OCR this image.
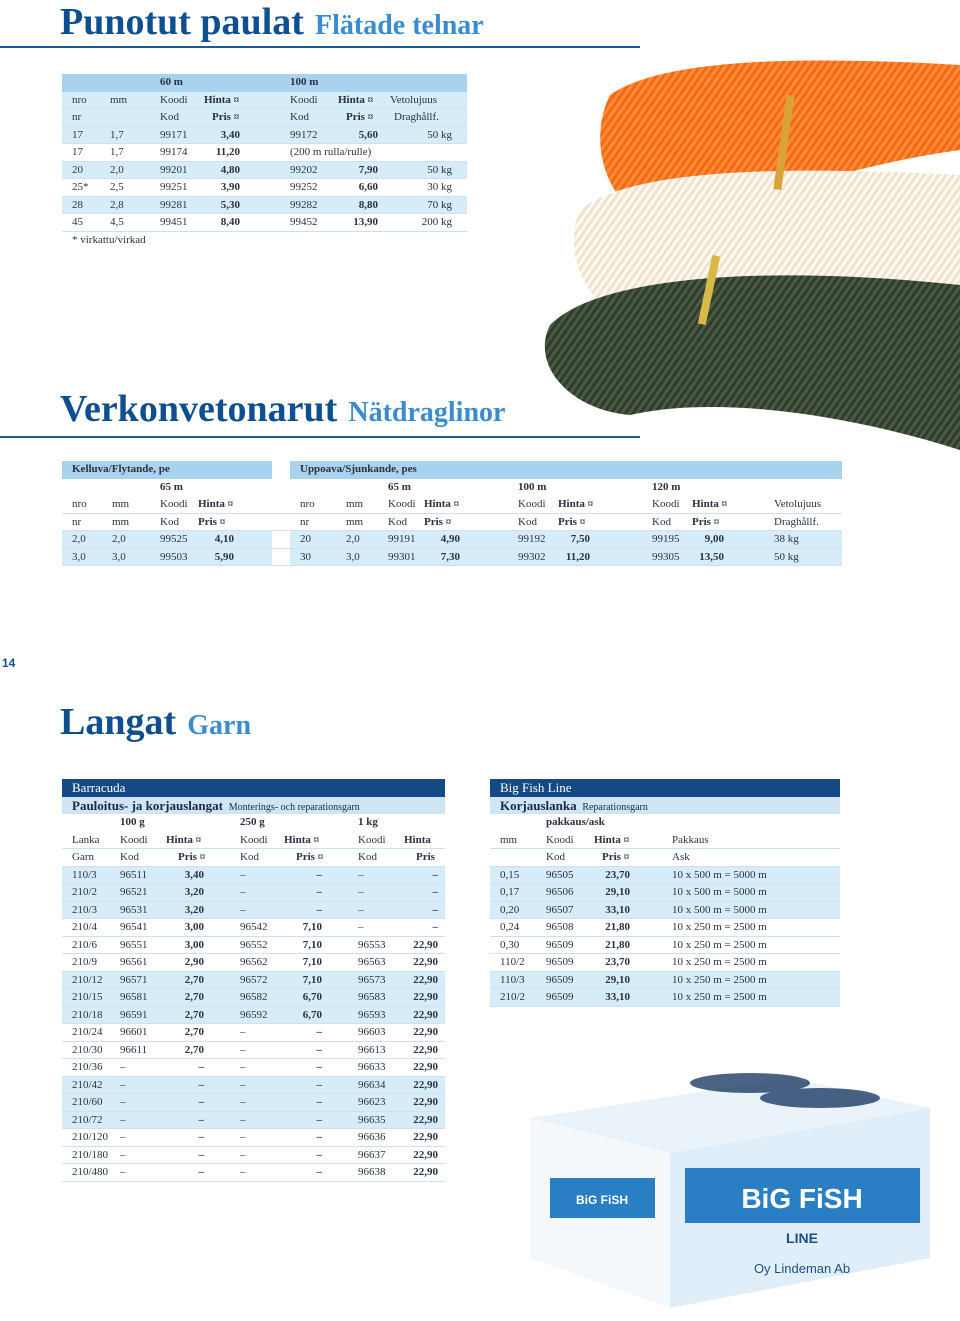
Punotut paulat Flätade telnar
60 m	100 m
nro mm	Koodi Hinta ¤	Koodi Hinta ¤ Vetolujuus
nr	Kod	Pris ¤	Kod	Pris ¤ Draghållf.
17 1,7	99171	3,40	99172	5,60	50 kg
17 1,7	99174	11,20	(200 m rulla/rulle)
20 2,0	99201	4,80	99202	7,90	50 kg
25* 2,5	99251	3,90	99252	6,60	30 kg
28 2,8	99281	5,30	99282	8,80	70 kg
45 4,5	99451	8,40	99452	13,90	200 kg
* virkattu/virkad
Verkonvetonarut Nätdraglinor
Kelluva/Flytande, pe	Uppoava/Sjunkande, pes
65 m	65 m	100 m	120 m
nro mm	Koodi Hinta ¤	nro	mm Koodi Hinta ¤	Koodi Hinta ¤	Koodi Hinta ¤	Vetolujuus
nr	mm	Kod Pris ¤	nr	mm Kod Pris ¤	Kod Pris ¤	Kod Pris ¤	Draghållf.
2,0 2,0	99525	4,10	20	2,0	99191	4,90	99192	7,50	99195	9,00	38 kg
3,0 3,0	99503	5,90	30	3,0	99301	7,30	99302	11,20	99305	13,50	50 kg
14
Langat Garn
Barracuda
Pauloitus- ja korjauslangat Monterings- och reparationsgarn
100 g	250 g	1 kg
Lanka Koodi Hinta ¤	Koodi Hinta ¤	Koodi Hinta
Garn Kod	Pris ¤	Kod	Pris ¤	Kod	Pris
110/3 96511	3,40	–	–	–	–
210/2 96521	3,20	–	–	–	–
210/3 96531	3,20	–	–	–	–
210/4 96541	3,00	96542	7,10	–	–
210/6 96551	3,00	96552	7,10	96553	22,90
210/9 96561	2,90	96562	7,10	96563	22,90
210/12 96571	2,70	96572	7,10	96573	22,90
210/15 96581	2,70	96582	6,70	96583	22,90
210/18 96591	2,70	96592	6,70	96593	22,90
210/24 96601	2,70	–	–	96603	22,90
210/30 96611	2,70	–	–	96613	22,90
210/36 –	–	–	–	96633	22,90
210/42 –	–	–	–	96634	22,90
210/60 –	–	–	–	96623	22,90
210/72 –	–	–	–	96635	22,90
210/120 –	–	–	–	96636	22,90
210/180 –	–	–	–	96637	22,90
210/480 –	–	–	–	96638	22,90
Big Fish Line
Korjauslanka Reparationsgarn
pakkaus/ask
mm	Koodi Hinta ¤	Pakkaus
Kod	Pris ¤	Ask
0,15 96505	23,70	10 x 500 m = 5000 m
0,17 96506	29,10	10 x 500 m = 5000 m
0,20 96507	33,10	10 x 500 m = 5000 m
0,24 96508	21,80	10 x 250 m = 2500 m
0,30 96509	21,80	10 x 250 m = 2500 m
110/2 96509	23,70	10 x 250 m = 2500 m
110/3 96509	29,10	10 x 250 m = 2500 m
210/2 96509	33,10	10 x 250 m = 2500 m
BiG FiSH
LINE
Oy Lindeman Ab
BiG FiSH
